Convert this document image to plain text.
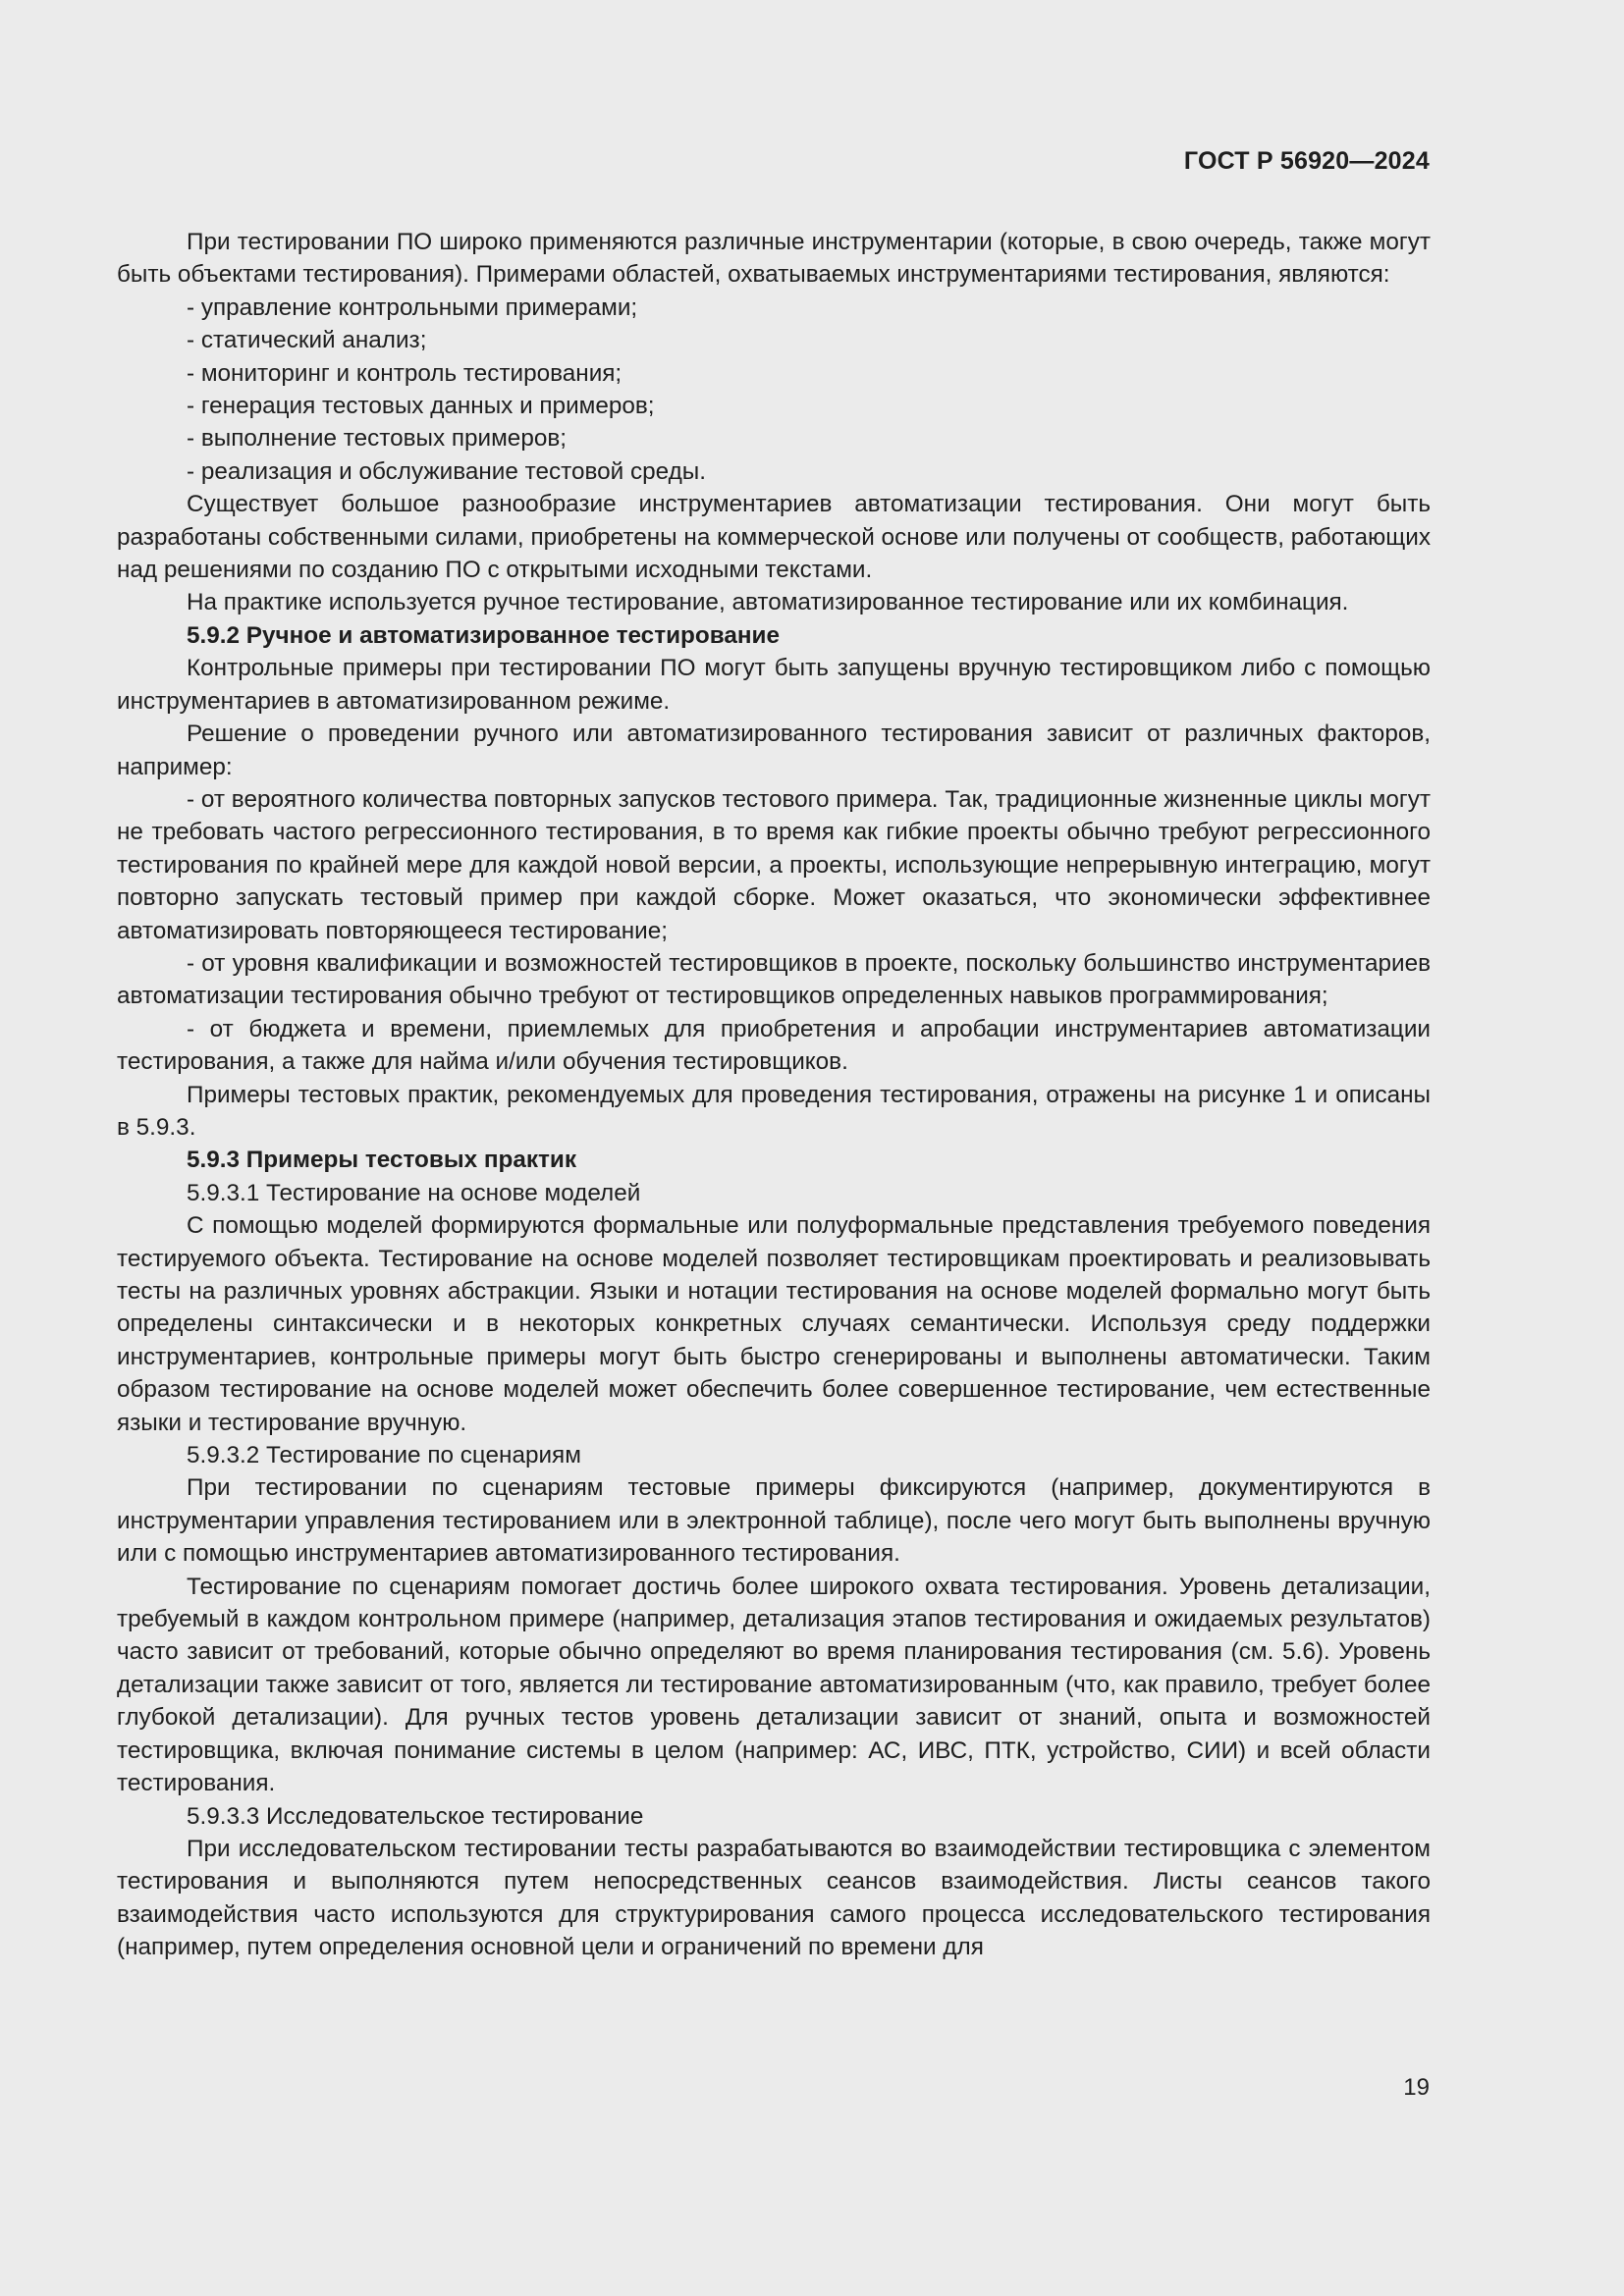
ГОСТ Р 56920—2024

При тестировании ПО широко применяются различные инструментарии (которые, в свою очередь, также могут быть объектами тестирования). Примерами областей, охватываемых инструментариями тестирования, являются:

- управление контрольными примерами;

- статический анализ;

- мониторинг и контроль тестирования;

- генерация тестовых данных и примеров;

- выполнение тестовых примеров;

- реализация и обслуживание тестовой среды.

Существует большое разнообразие инструментариев автоматизации тестирования. Они могут быть разработаны собственными силами, приобретены на коммерческой основе или получены от сообществ, работающих над решениями по созданию ПО с открытыми исходными текстами.

На практике используется ручное тестирование, автоматизированное тестирование или их комбинация.

5.9.2 Ручное и автоматизированное тестирование

Контрольные примеры при тестировании ПО могут быть запущены вручную тестировщиком либо с помощью инструментариев в автоматизированном режиме.

Решение о проведении ручного или автоматизированного тестирования зависит от различных факторов, например:

- от вероятного количества повторных запусков тестового примера. Так, традиционные жизненные циклы могут не требовать частого регрессионного тестирования, в то время как гибкие проекты обычно требуют регрессионного тестирования по крайней мере для каждой новой версии, а проекты, использующие непрерывную интеграцию, могут повторно запускать тестовый пример при каждой сборке. Может оказаться, что экономически эффективнее автоматизировать повторяющееся тестирование;

- от уровня квалификации и возможностей тестировщиков в проекте, поскольку большинство инструментариев автоматизации тестирования обычно требуют от тестировщиков определенных навыков программирования;

- от бюджета и времени, приемлемых для приобретения и апробации инструментариев автоматизации тестирования, а также для найма и/или обучения тестировщиков.

Примеры тестовых практик, рекомендуемых для проведения тестирования, отражены на рисунке 1 и описаны в 5.9.3.

5.9.3 Примеры тестовых практик

5.9.3.1 Тестирование на основе моделей

С помощью моделей формируются формальные или полуформальные представления требуемого поведения тестируемого объекта. Тестирование на основе моделей позволяет тестировщикам проектировать и реализовывать тесты на различных уровнях абстракции. Языки и нотации тестирования на основе моделей формально могут быть определены синтаксически и в некоторых конкретных случаях семантически. Используя среду поддержки инструментариев, контрольные примеры могут быть быстро сгенерированы и выполнены автоматически. Таким образом тестирование на основе моделей может обеспечить более совершенное тестирование, чем естественные языки и тестирование вручную.

5.9.3.2 Тестирование по сценариям

При тестировании по сценариям тестовые примеры фиксируются (например, документируются в инструментарии управления тестированием или в электронной таблице), после чего могут быть выполнены вручную или с помощью инструментариев автоматизированного тестирования.

Тестирование по сценариям помогает достичь более широкого охвата тестирования. Уровень детализации, требуемый в каждом контрольном примере (например, детализация этапов тестирования и ожидаемых результатов) часто зависит от требований, которые обычно определяют во время планирования тестирования (см. 5.6). Уровень детализации также зависит от того, является ли тестирование автоматизированным (что, как правило, требует более глубокой детализации). Для ручных тестов уровень детализации зависит от знаний, опыта и возможностей тестировщика, включая понимание системы в целом (например: АС, ИВС, ПТК, устройство, СИИ) и всей области тестирования.

5.9.3.3 Исследовательское тестирование

При исследовательском тестировании тесты разрабатываются во взаимодействии тестировщика с элементом тестирования и выполняются путем непосредственных сеансов взаимодействия. Листы сеансов такого взаимодействия часто используются для структурирования самого процесса исследовательского тестирования (например, путем определения основной цели и ограничений по времени для

19
